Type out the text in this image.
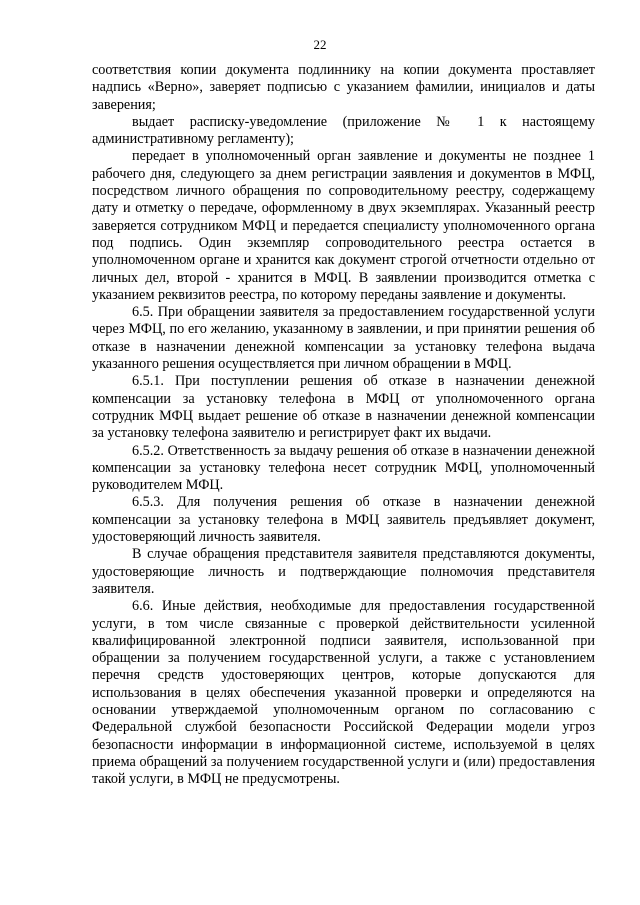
22

соответствия копии документа подлиннику на копии документа проставляет надпись «Верно», заверяет подписью с указанием фамилии, инициалов и даты заверения;

выдает расписку-уведомление (приложение № 1 к настоящему административному регламенту);

передает в уполномоченный орган заявление и документы не позднее 1 рабочего дня, следующего за днем регистрации заявления и документов в МФЦ, посредством личного обращения по сопроводительному реестру, содержащему дату и отметку о передаче, оформленному в двух экземплярах. Указанный реестр заверяется сотрудником МФЦ и передается специалисту уполномоченного органа под подпись. Один экземпляр сопроводительного реестра остается в уполномоченном органе и хранится как документ строгой отчетности отдельно от личных дел, второй - хранится в МФЦ. В заявлении производится отметка с указанием реквизитов реестра, по которому переданы заявление и документы.

6.5. При обращении заявителя за предоставлением государственной услуги через МФЦ, по его желанию, указанному в заявлении, и при принятии решения об отказе в назначении денежной компенсации за установку телефона выдача указанного решения осуществляется при личном обращении в МФЦ.

6.5.1. При поступлении решения об отказе в назначении денежной компенсации за установку телефона в МФЦ от уполномоченного органа сотрудник МФЦ выдает решение об отказе в назначении денежной компенсации за установку телефона заявителю и регистрирует факт их выдачи.

6.5.2. Ответственность за выдачу решения об отказе в назначении денежной компенсации за установку телефона несет сотрудник МФЦ, уполномоченный руководителем МФЦ.

6.5.3. Для получения решения об отказе в назначении денежной компенсации за установку телефона в МФЦ заявитель предъявляет документ, удостоверяющий личность заявителя.

В случае обращения представителя заявителя представляются документы, удостоверяющие личность и подтверждающие полномочия представителя заявителя.

6.6. Иные действия, необходимые для предоставления государственной услуги, в том числе связанные с проверкой действительности усиленной квалифицированной электронной подписи заявителя, использованной при обращении за получением государственной услуги, а также с установлением перечня средств удостоверяющих центров, которые допускаются для использования в целях обеспечения указанной проверки и определяются на основании утверждаемой уполномоченным органом по согласованию с Федеральной службой безопасности Российской Федерации модели угроз безопасности информации в информационной системе, используемой в целях приема обращений за получением государственной услуги и (или) предоставления такой услуги, в МФЦ не предусмотрены.
